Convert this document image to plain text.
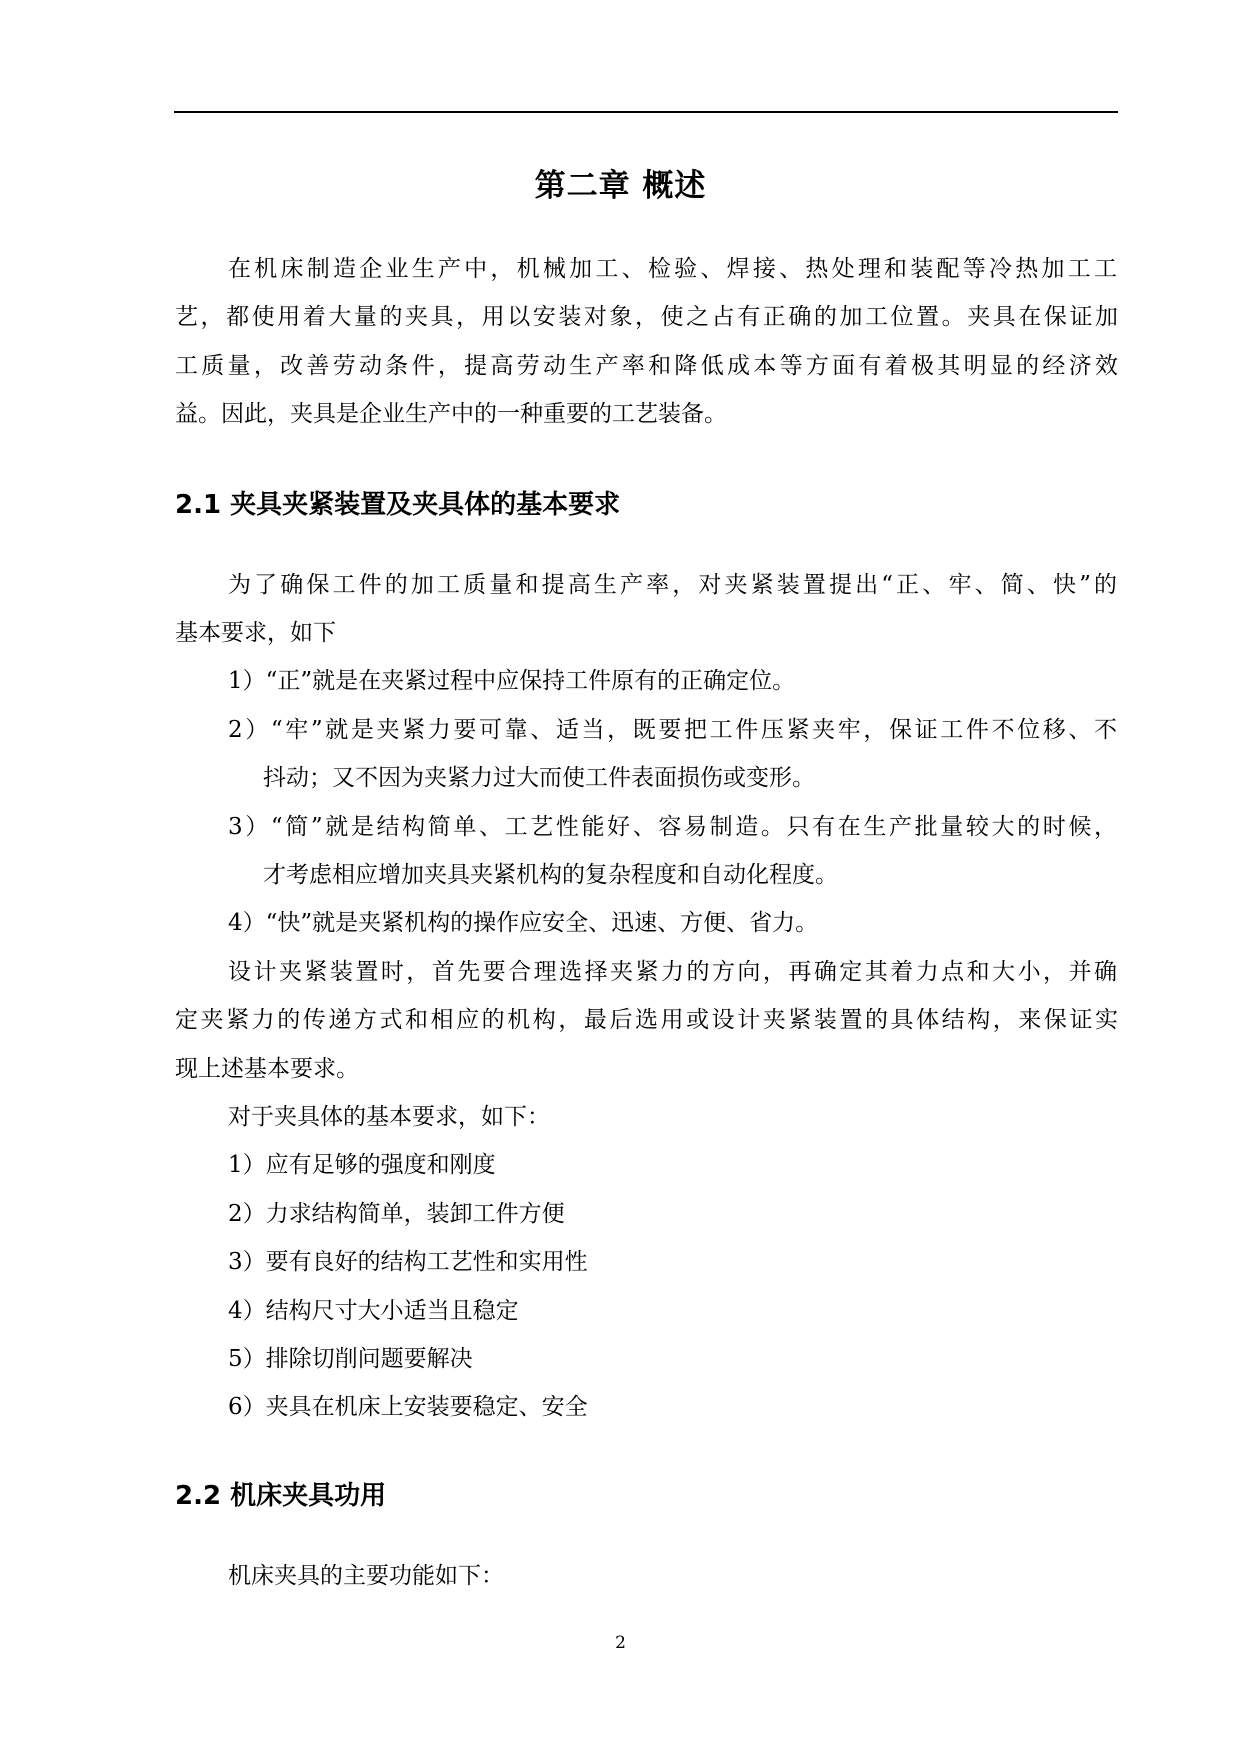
第二章 概述
在机床制造企业生产中，机械加工、检验、焊接、热处理和装配等冷热加工工
艺，都使用着大量的夹具，用以安装对象，使之占有正确的加工位置。夹具在保证加
工质量，改善劳动条件，提高劳动生产率和降低成本等方面有着极其明显的经济效
益。因此，夹具是企业生产中的一种重要的工艺装备。
2.1 夹具夹紧装置及夹具体的基本要求
为了确保工件的加工质量和提高生产率，对夹紧装置提出“正、牢、简、快”的
基本要求，如下
1）“正”就是在夹紧过程中应保持工件原有的正确定位。
2）“牢”就是夹紧力要可靠、适当，既要把工件压紧夹牢，保证工件不位移、不
抖动；又不因为夹紧力过大而使工件表面损伤或变形。
3）“简”就是结构简单、工艺性能好、容易制造。只有在生产批量较大的时候，
才考虑相应增加夹具夹紧机构的复杂程度和自动化程度。
4）“快”就是夹紧机构的操作应安全、迅速、方便、省力。
设计夹紧装置时，首先要合理选择夹紧力的方向，再确定其着力点和大小，并确
定夹紧力的传递方式和相应的机构，最后选用或设计夹紧装置的具体结构，来保证实
现上述基本要求。
对于夹具体的基本要求，如下：
1）应有足够的强度和刚度
2）力求结构简单，装卸工件方便
3）要有良好的结构工艺性和实用性
4）结构尺寸大小适当且稳定
5）排除切削问题要解决
6）夹具在机床上安装要稳定、安全
2.2 机床夹具功用
机床夹具的主要功能如下：
2
